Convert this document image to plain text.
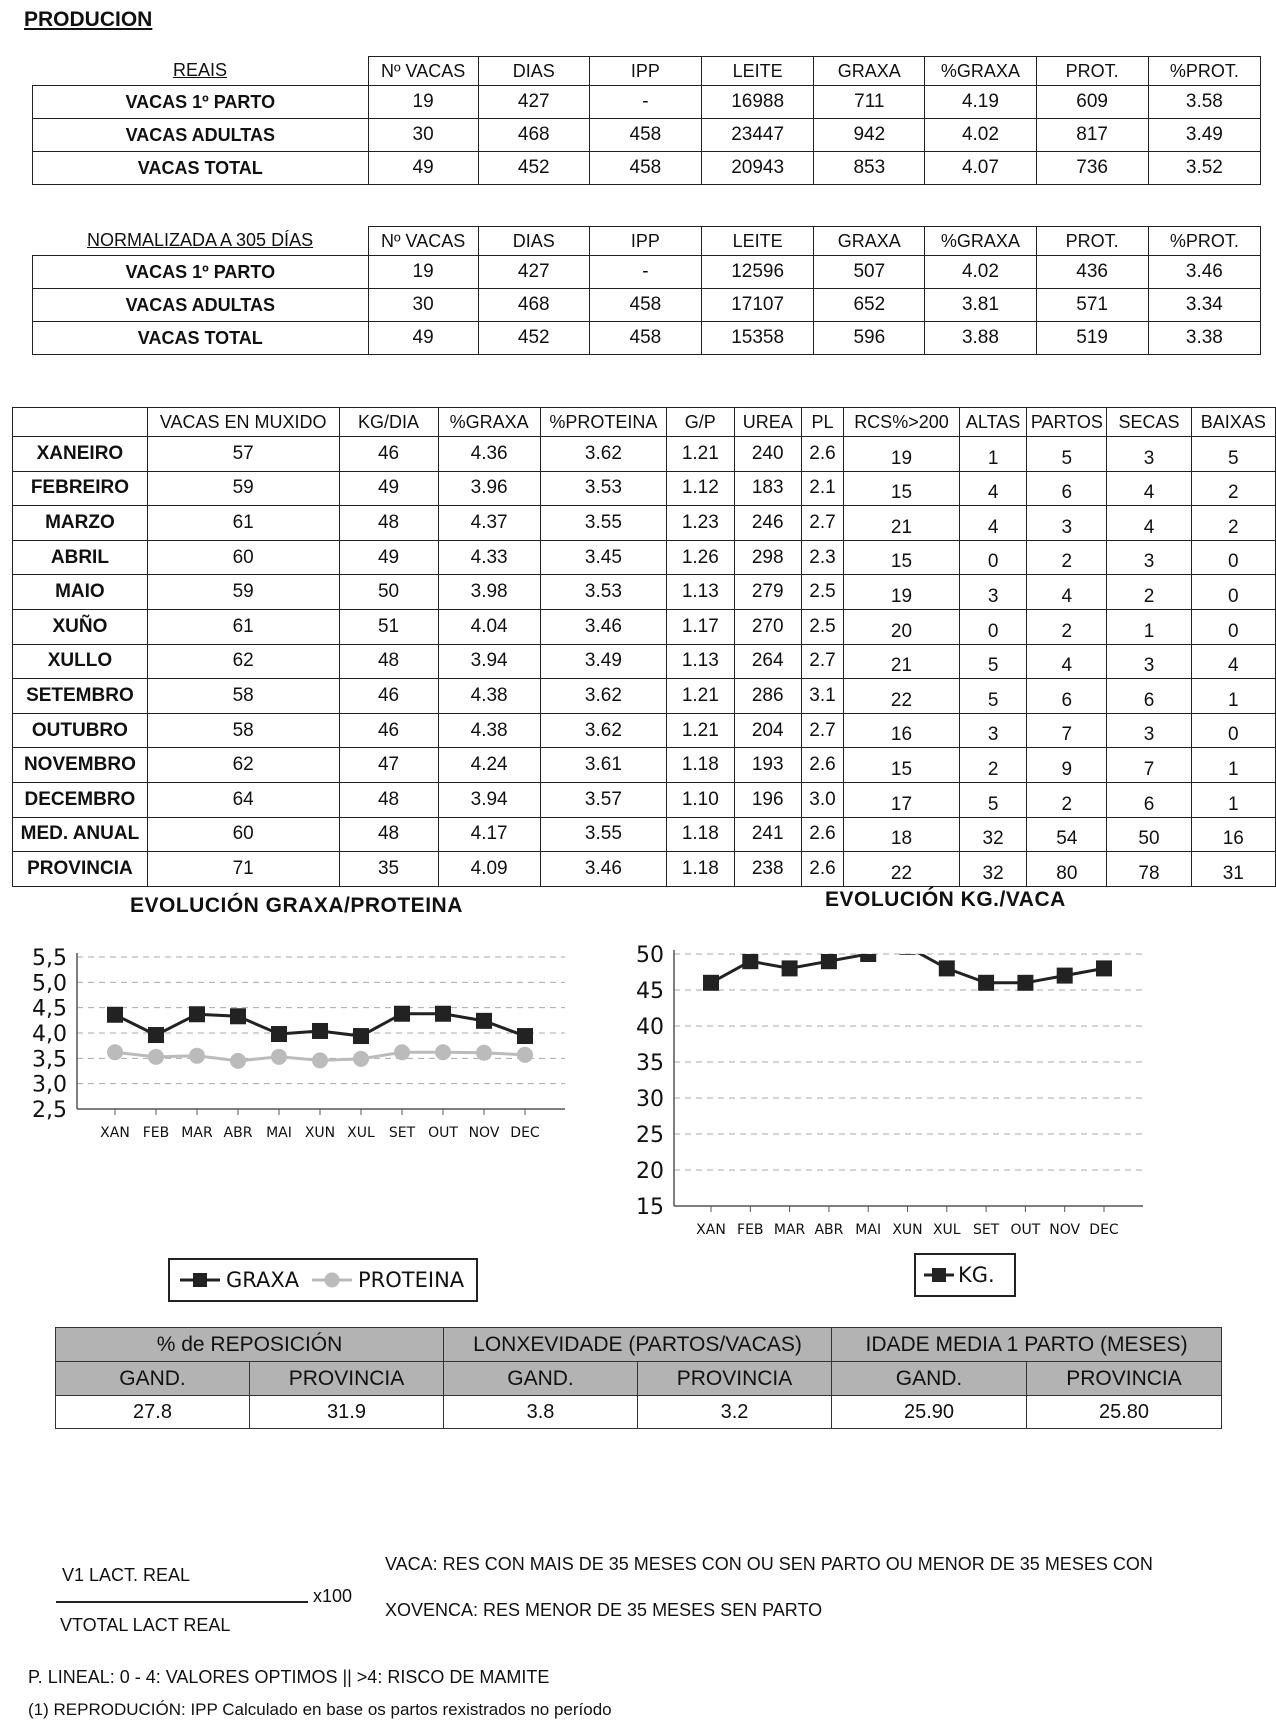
PRODUCION
REAIS	Nº VACAS	DIAS	IPP	LEITE	GRAXA	%GRAXA	PROT.	%PROT.
VACAS 1º PARTO	19	427	-	16988	711	4.19	609	3.58
VACAS ADULTAS	30	468	458	23447	942	4.02	817	3.49
VACAS TOTAL	49	452	458	20943	853	4.07	736	3.52
NORMALIZADA A 305 DÍAS	Nº VACAS	DIAS	IPP	LEITE	GRAXA	%GRAXA	PROT.	%PROT.
VACAS 1º PARTO	19	427	-	12596	507	4.02	436	3.46
VACAS ADULTAS	30	468	458	17107	652	3.81	571	3.34
VACAS TOTAL	49	452	458	15358	596	3.88	519	3.38
	VACAS EN MUXIDO	KG/DIA	%GRAXA	%PROTEINA	G/P	UREA	PL	RCS%>200	ALTAS	PARTOS	SECAS	BAIXAS
XANEIRO	57	46	4.36	3.62	1.21	240	2.6	19	1	5	3	5
FEBREIRO	59	49	3.96	3.53	1.12	183	2.1	15	4	6	4	2
MARZO	61	48	4.37	3.55	1.23	246	2.7	21	4	3	4	2
ABRIL	60	49	4.33	3.45	1.26	298	2.3	15	0	2	3	0
MAIO	59	50	3.98	3.53	1.13	279	2.5	19	3	4	2	0
XUÑO	61	51	4.04	3.46	1.17	270	2.5	20	0	2	1	0
XULLO	62	48	3.94	3.49	1.13	264	2.7	21	5	4	3	4
SETEMBRO	58	46	4.38	3.62	1.21	286	3.1	22	5	6	6	1
OUTUBRO	58	46	4.38	3.62	1.21	204	2.7	16	3	7	3	0
NOVEMBRO	62	47	4.24	3.61	1.18	193	2.6	15	2	9	7	1
DECEMBRO	64	48	3.94	3.57	1.10	196	3.0	17	5	2	6	1
MED. ANUAL	60	48	4.17	3.55	1.18	241	2.6	18	32	54	50	16
PROVINCIA	71	35	4.09	3.46	1.18	238	2.6	22	32	80	78	31
EVOLUCIÓN GRAXA/PROTEINA
2,5
3,0
3,5
4,0
4,5
5,0
5,5
XAN FEB MAR ABR MAI XUN XUL SET OUT NOV DEC
GRAXA	PROTEINA
EVOLUCIÓN KG./VACA
15
20
25
30
35
40
45
50
XAN FEB MAR ABR MAI XUN XUL SET OUT NOV DEC
KG.
% de REPOSICIÓN		LONXEVIDADE (PARTOS/VACAS)		IDADE MEDIA 1 PARTO (MESES)	
GAND.	PROVINCIA	GAND.	PROVINCIA	GAND.	PROVINCIA
27.8	31.9	3.8	3.2	25.90	25.80
V1 LACT. REAL
x100
VTOTAL LACT REAL
VACA: RES CON MAIS DE 35 MESES CON OU SEN PARTO OU MENOR DE 35 MESES CON
XOVENCA: RES MENOR DE 35 MESES SEN PARTO
P. LINEAL: 0 - 4: VALORES OPTIMOS || >4: RISCO DE MAMITE
(1) REPRODUCIÓN: IPP Calculado en base os partos rexistrados no período
